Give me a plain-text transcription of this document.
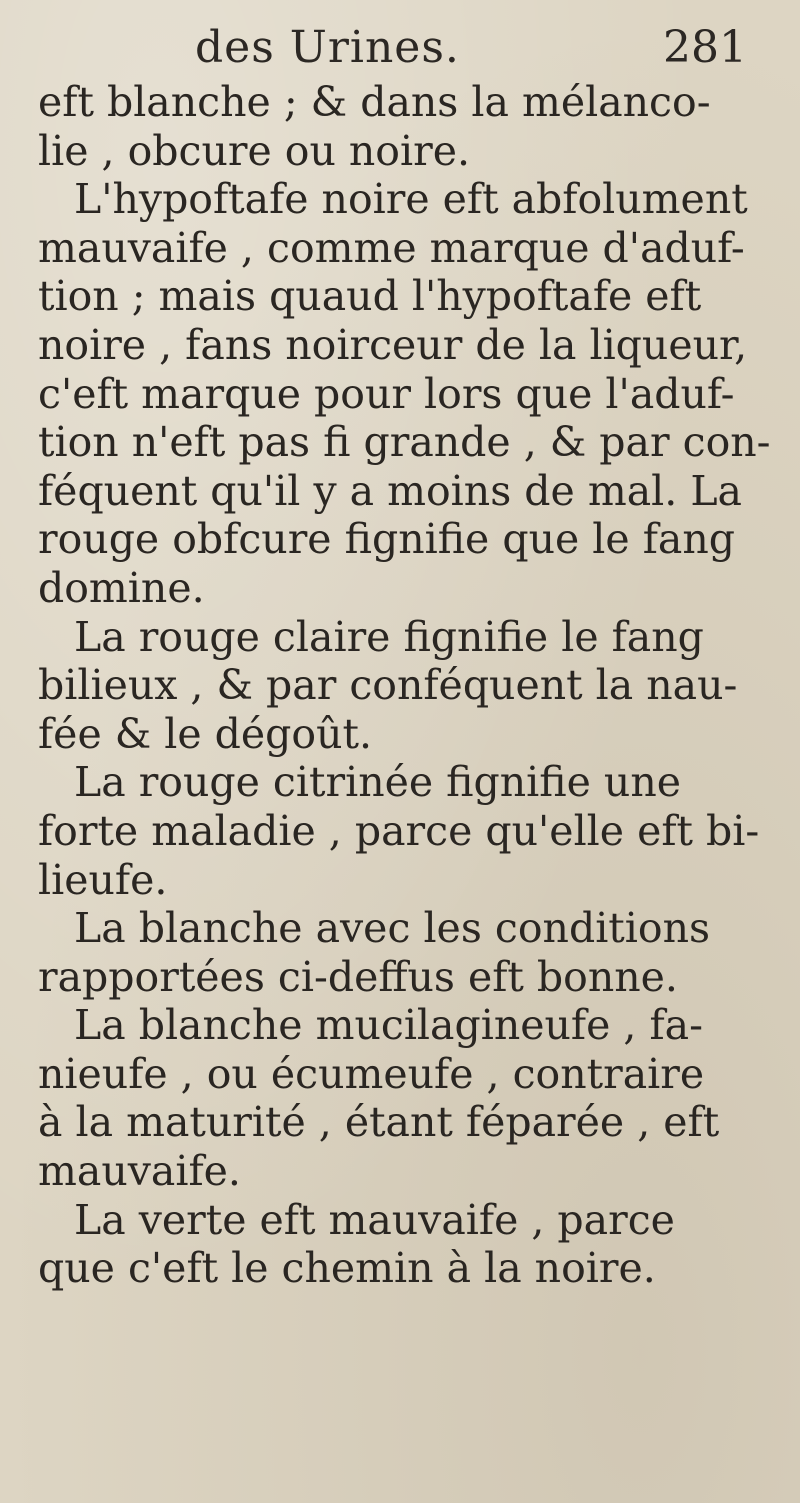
des Urines.	281
eft blanche ; & dans la mélanco-
lie , obcure ou noire.
L'hypoftafe noire eft abfolument
mauvaife , comme marque d'aduf-
tion ; mais quaud l'hypoftafe eft
noire , fans noirceur de la liqueur,
c'eft marque pour lors que l'aduf-
tion n'eft pas fi grande , & par con-
féquent qu'il y a moins de mal. La
rouge obfcure fignifie que le fang
domine.
La rouge claire fignifie le fang
bilieux , & par conféquent la nau-
fée & le dégoût.
La rouge citrinée fignifie une
forte maladie , parce qu'elle eft bi-
lieufe.
La blanche avec les conditions
rapportées ci-deffus eft bonne.
La blanche mucilagineufe , fa-
nieufe , ou écumeufe , contraire
à la maturité , étant féparée , eft
mauvaife.
La verte eft mauvaife , parce
que c'eft le chemin à la noire.
